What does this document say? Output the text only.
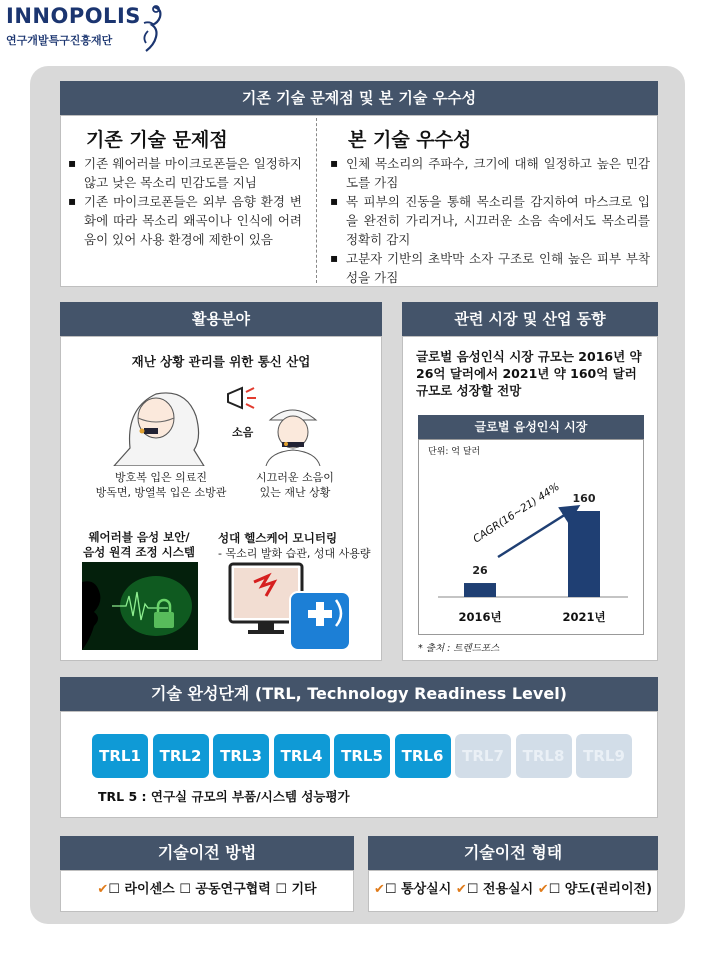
INNOPOLIS
연구개발특구진흥재단
기존 기술 문제점 및 본 기술 우수성
기존 기술 문제점
▪ 기존 웨어러블 마이크로폰들은 일정하지 않고 낮은 목소리 민감도를 지님
▪ 기존 마이크로폰들은 외부 음향 환경 변화에 따라 목소리 왜곡이나 인식에 어려움이 있어 사용 환경에 제한이 있음
본 기술 우수성
▪ 인체 목소리의 주파수, 크기에 대해 일정하고 높은 민감도를 가짐
▪ 목 피부의 진동을 통해 목소리를 감지하여 마스크로 입을 완전히 가리거나, 시끄러운 소음 속에서도 목소리를 정확히 감지
▪ 고분자 기반의 초박막 소자 구조로 인해 높은 피부 부착성을 가짐
활용분야
재난 상황 관리를 위한 통신 산업
소음
방호복 입은 의료진
방독면, 방열복 입은 소방관
시끄러운 소음이
있는 재난 상황
웨어러블 음성 보안/
음성 원격 조정 시스템
성대 헬스케어 모니터링
- 목소리 발화 습관, 성대 사용량
관련 시장 및 산업 동향
글로벌 음성인식 시장 규모는 2016년 약 26억 달러에서 2021년 약 160억 달러 규모로 성장할 전망
글로벌 음성인식 시장
단위: 억 달러
26
2016년
160
2021년
CAGR(16~21) 44%
* 출처 : 트렌드포스
기술 완성단계 (TRL, Technology Readiness Level)
TRL1	TRL2	TRL3	TRL4	TRL5	TRL6	TRL7	TRL8	TRL9
TRL 5 : 연구실 규모의 부품/시스템 성능평가
기술이전 방법
✔☐ 라이센스 ☐ 공동연구협력 ☐ 기타
기술이전 형태
✔☐ 통상실시 ✔☐ 전용실시 ✔☐ 양도(권리이전)
